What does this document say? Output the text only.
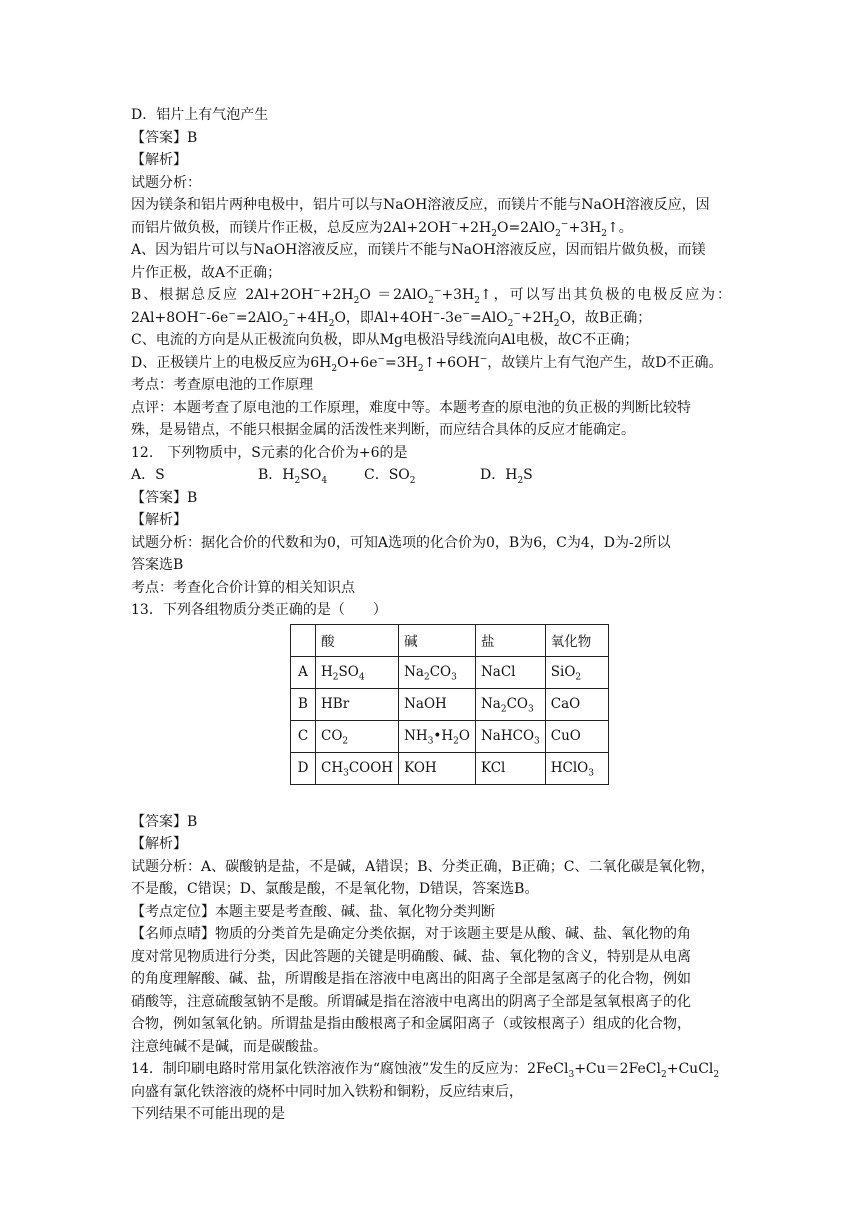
D．铝片上有气泡产生
【答案】B
【解析】
试题分析：
因为镁条和铝片两种电极中，铝片可以与NaOH溶液反应，而镁片不能与NaOH溶液反应，因
而铝片做负极，而镁片作正极，总反应为$2Al+2OH^-+2H_2O=2AlO_2^-+3H_2↑$。
A、因为铝片可以与NaOH溶液反应，而镁片不能与NaOH溶液反应，因而铝片做负极，而镁
片作正极，故A不正确；
B、根据总反应 $2Al+2OH^-+2H_2O$ $=2AlO_2^-+3H_2↑$，可以写出其负极的电极反应为：
$2Al+8OH^--6e^-=2AlO_2^-+4H_2O$，即$Al+4OH^--3e^-=AlO_2^-+2H_2O$，故B正确；
C、电流的方向是从正极流向负极，即从Mg电极沿导线流向Al电极，故C不正确；
D、正极镁片上的电极反应为$6H_2O+6e^-=3H_2↑+6OH^-$，故镁片上有气泡产生，故D不正确。
考点：考查原电池的工作原理
点评：本题考查了原电池的工作原理，难度中等。本题考查的原电池的负正极的判断比较特
殊，是易错点，不能只根据金属的活泼性来判断，而应结合具体的反应才能确定。
12.　下列物质中，S元素的化合价为+6的是
A．S	B．$H_2SO_4$	C．$SO_2$	D．$H_2S$
【答案】B
【解析】
试题分析：据化合价的代数和为0，可知A选项的化合价为0，B为6，C为4，D为-2所以
答案选B
考点：考查化合价计算的相关知识点
13．下列各组物质分类正确的是（　　）
	酸	碱	盐	氧化物
A	$H_2SO_4$	$Na_2CO_3$	NaCl	SiO$_2$
B	HBr	NaOH	$Na_2CO_3$	CaO
C	$CO_2$	$NH_3•H_2O$	NaHCO$_3$	CuO
D	$CH_3COOH$	KOH	KCl	HClO$_3$
【答案】B
【解析】
试题分析：A、碳酸钠是盐，不是碱，A错误；B、分类正确，B正确；C、二氧化碳是氧化物，
不是酸，C错误；D、氯酸是酸，不是氧化物，D错误，答案选B。
【考点定位】本题主要是考查酸、碱、盐、氧化物分类判断
【名师点晴】物质的分类首先是确定分类依据，对于该题主要是从酸、碱、盐、氧化物的角
度对常见物质进行分类，因此答题的关键是明确酸、碱、盐、氧化物的含义，特别是从电离
的角度理解酸、碱、盐，所谓酸是指在溶液中电离出的阳离子全部是氢离子的化合物，例如
硝酸等，注意硫酸氢钠不是酸。所谓碱是指在溶液中电离出的阴离子全部是氢氧根离子的化
合物，例如氢氧化钠。所谓盐是指由酸根离子和金属阳离子（或铵根离子）组成的化合物，
注意纯碱不是碱，而是碳酸盐。
14．制印刷电路时常用氯化铁溶液作为“腐蚀液”发生的反应为：2FeCl$_3$+Cu＝2FeCl$_2$+CuCl$_2$
向盛有氯化铁溶液的烧杯中同时加入铁粉和铜粉，反应结束后，
下列结果不可能出现的是
